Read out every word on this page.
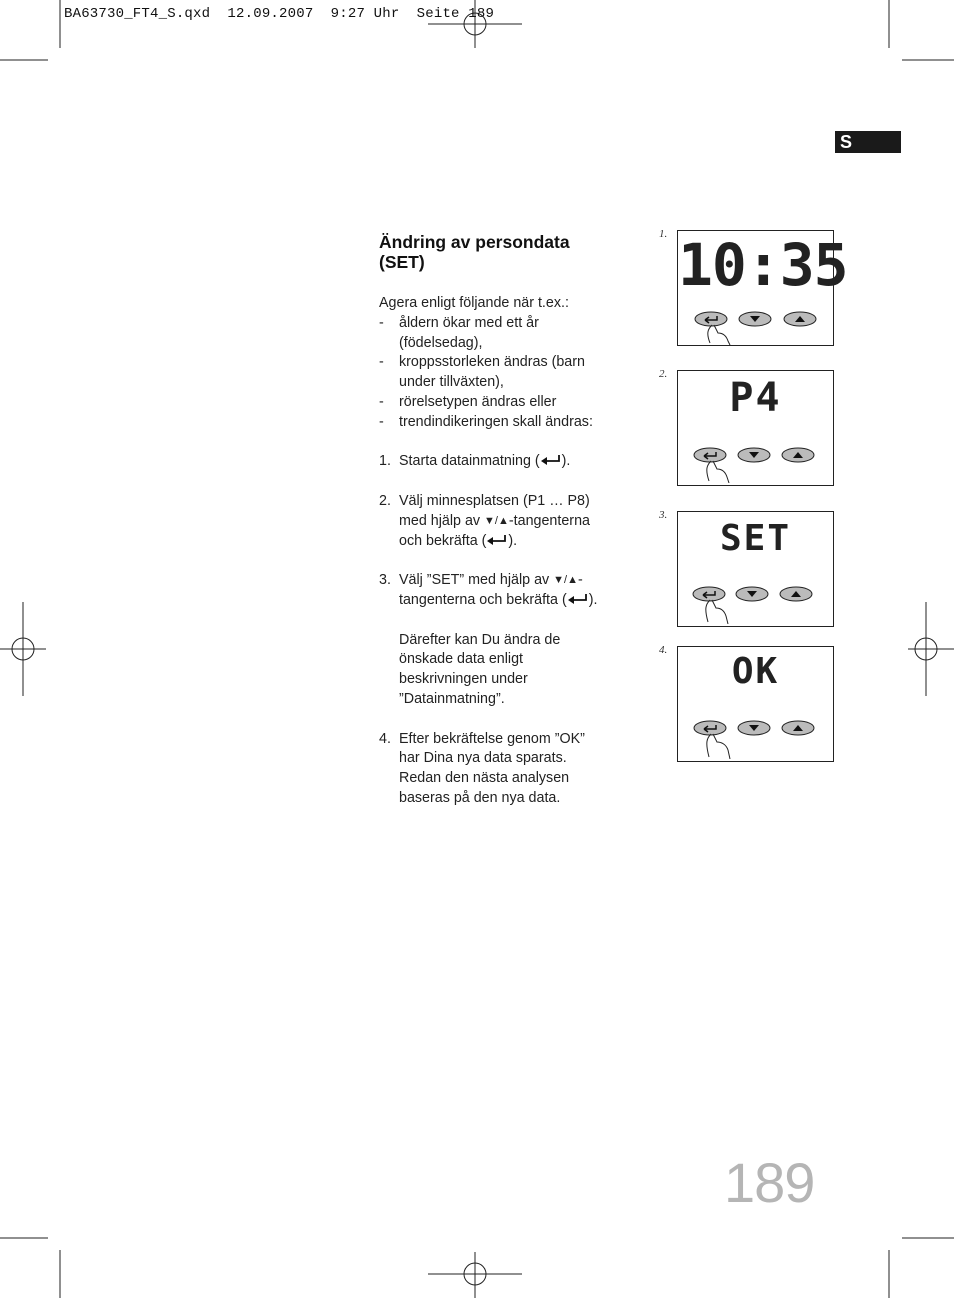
BA63730_FT4_S.qxd  12.09.2007  9:27 Uhr  Seite 189
S
Ändring av persondata (SET)

Agera enligt följande när t.ex.:

- åldern ökar med ett år (födelsedag),
- kroppsstorleken ändras (barn under tillväxten),
- rörelsetypen ändras eller
- trendindikeringen skall ändras:
1. Starta datainmatning ( ).
2. Välj minnesplatsen (P1 … P8) med hjälp av ▼/▲-tangenterna och bekräfta ( ).
3. Välj ”SET” med hjälp av ▼/▲-tangenterna och bekräfta ( ).
Därefter kan Du ändra de önskade data enligt beskrivningen under ”Datainmatning”.
4. Efter bekräftelse genom ”OK” har Dina nya data sparats. Redan den nästa analysen baseras på den nya data.
1. 10:35
2.
P4
3.
SET
4.
OK
189
